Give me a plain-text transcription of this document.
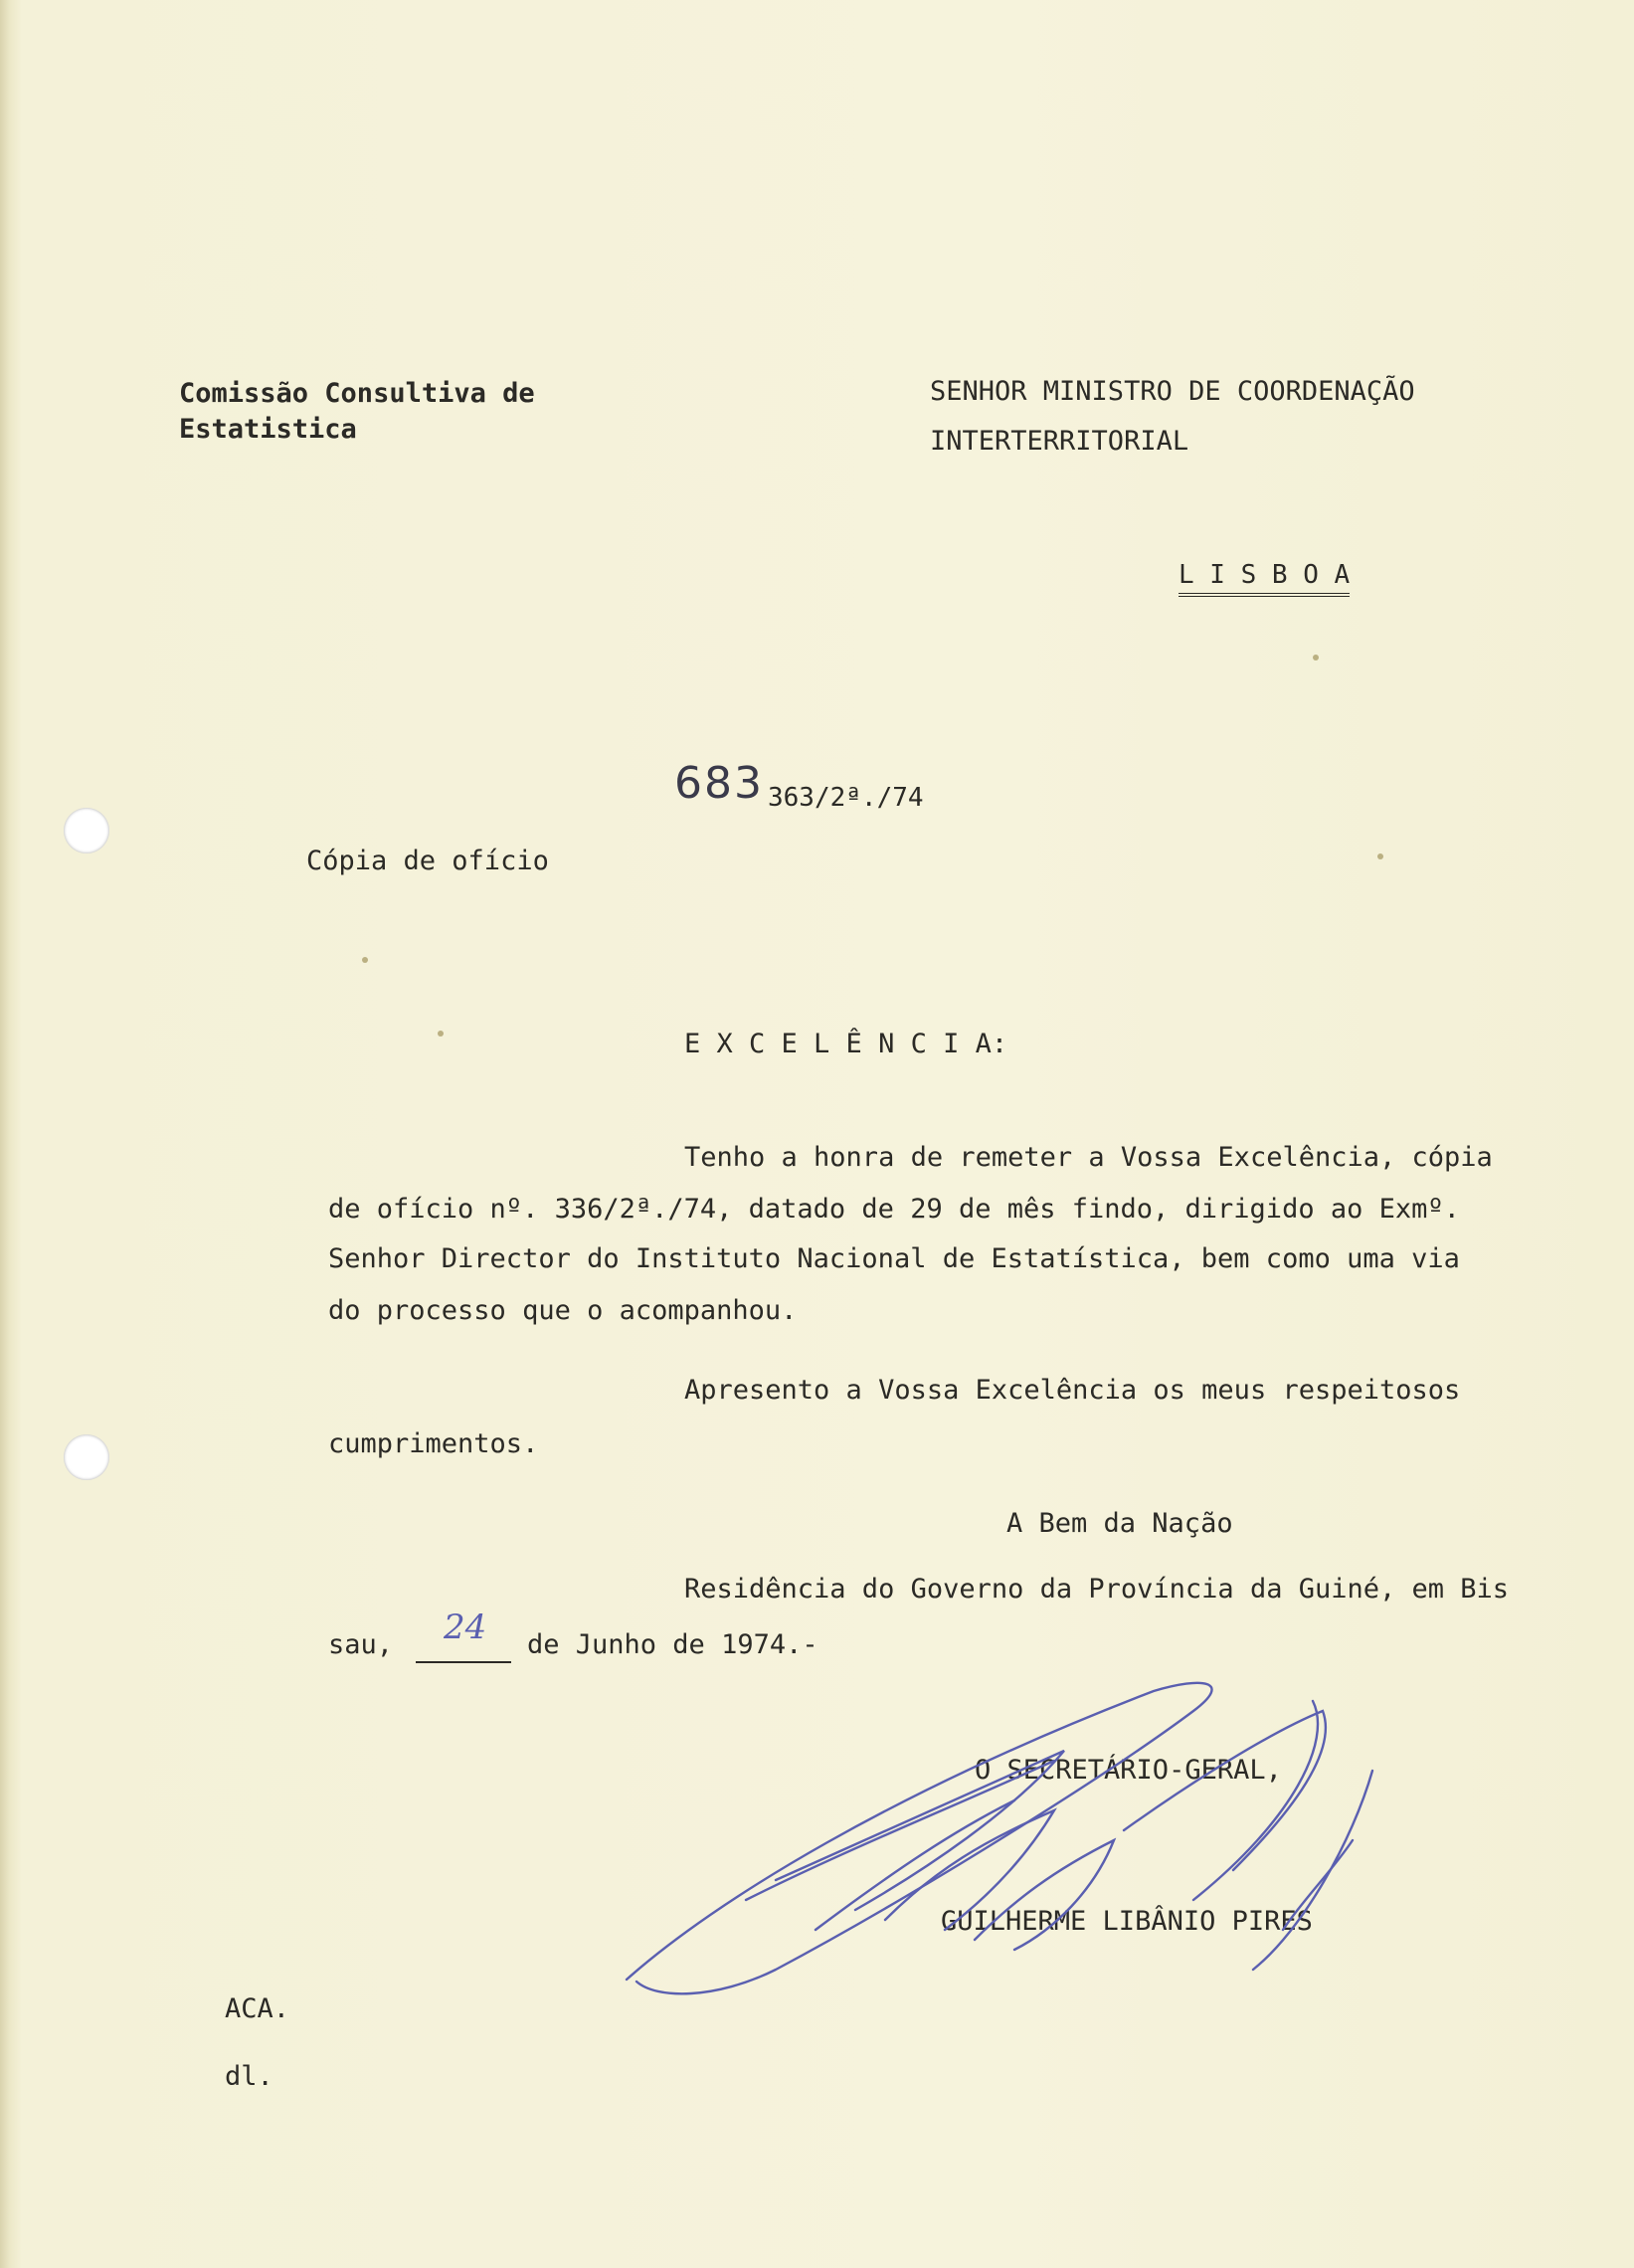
Comissão Consultiva de
Estatistica
SENHOR MINISTRO DE COORDENAÇÃO
INTERTERRITORIAL
L I S B O A
683 363/2ª./74
Cópia de ofício
E X C E L Ê N C I A:
Tenho a honra de remeter a Vossa Excelência, cópia
de ofício nº. 336/2ª./74, datado de 29 de mês findo, dirigido ao Exmº.
Senhor Director do Instituto Nacional de Estatística, bem como uma via
do processo que o acompanhou.
Apresento a Vossa Excelência os meus respeitosos
cumprimentos.
A Bem da Nação
Residência do Governo da Província da Guiné, em Bis
sau, 24 de Junho de 1974.-
O SECRETÁRIO-GERAL,
GUILHERME LIBÂNIO PIRES
ACA.
dl.
